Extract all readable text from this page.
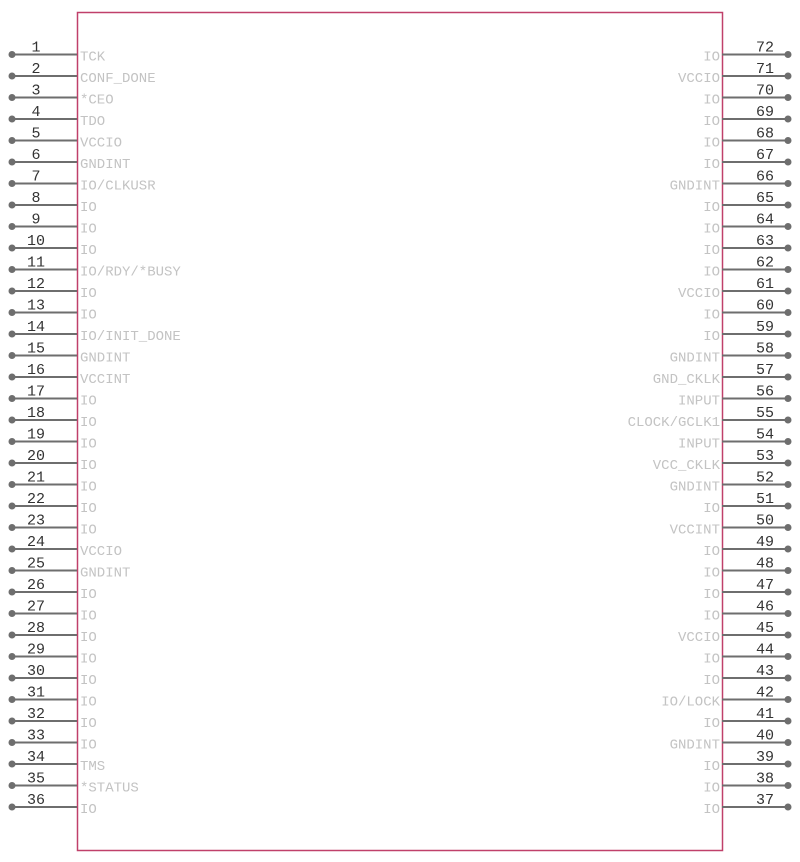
1
TCK
2
CONF_DONE
3
*CEO
4
TDO
5
VCCIO
6
GNDINT
7
IO/CLKUSR
8
IO
9
IO
10
IO
11
IO/RDY/*BUSY
12
IO
13
IO
14
IO/INIT_DONE
15
GNDINT
16
VCCINT
17
IO
18
IO
19
IO
20
IO
21
IO
22
IO
23
IO
24
VCCIO
25
GNDINT
26
IO
27
IO
28
IO
29
IO
30
IO
31
IO
32
IO
33
IO
34
TMS
35
*STATUS
36
IO
72
IO
71
VCCIO
70
IO
69
IO
68
IO
67
IO
66
GNDINT
65
IO
64
IO
63
IO
62
IO
61
VCCIO
60
IO
59
IO
58
GNDINT
57
GND_CKLK
56
INPUT
55
CLOCK/GCLK1
54
INPUT
53
VCC_CKLK
52
GNDINT
51
IO
50
VCCINT
49
IO
48
IO
47
IO
46
IO
45
VCCIO
44
IO
43
IO
42
IO/LOCK
41
IO
40
GNDINT
39
IO
38
IO
37
IO
